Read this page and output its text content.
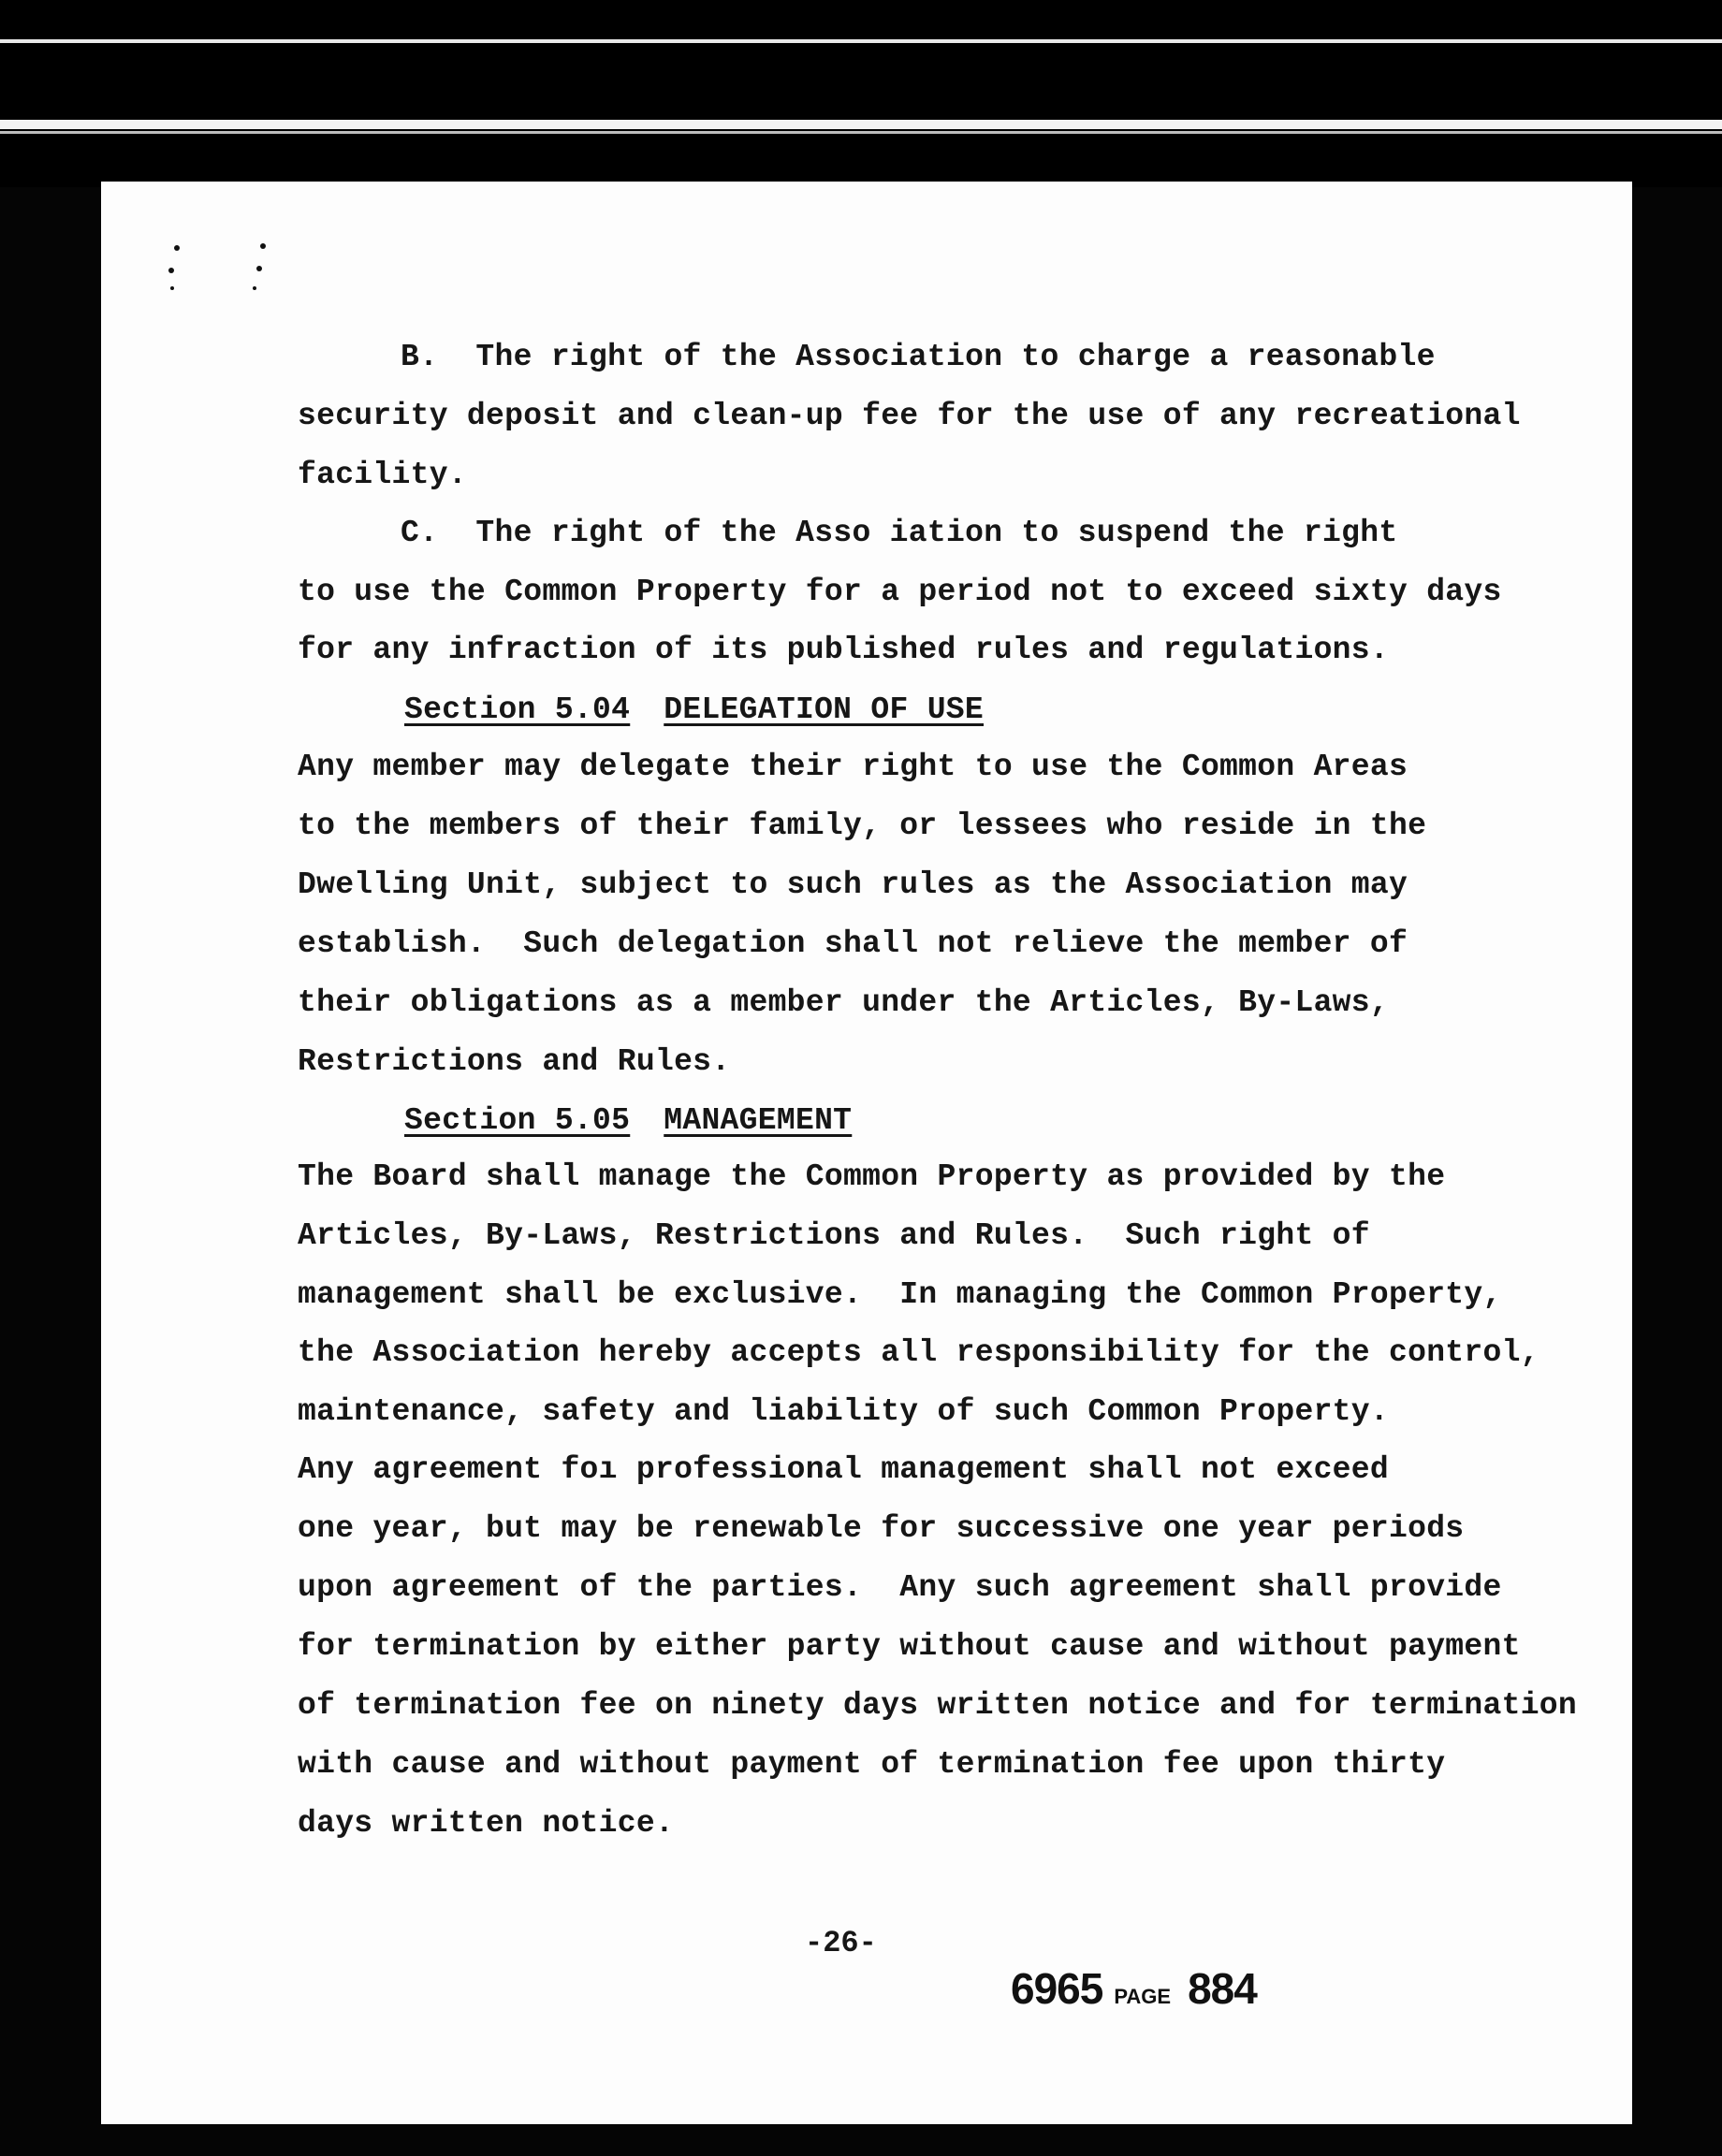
B.  The right of the Association to charge a reasonable

security deposit and clean-up fee for the use of any recreational

facility.

C.  The right of the Asso iation to suspend the right

to use the Common Property for a period not to exceed sixty days

for any infraction of its published rules and regulations.

Section 5.04 DELEGATION OF USE

Any member may delegate their right to use the Common Areas

to the members of their family, or lessees who reside in the

Dwelling Unit, subject to such rules as the Association may

establish.  Such delegation shall not relieve the member of

their obligations as a member under the Articles, By-Laws,

Restrictions and Rules.

Section 5.05 MANAGEMENT

The Board shall manage the Common Property as provided by the

Articles, By-Laws, Restrictions and Rules.  Such right of

management shall be exclusive.  In managing the Common Property,

the Association hereby accepts all responsibility for the control,

maintenance, safety and liability of such Common Property.

Any agreement foı professional management shall not exceed

one year, but may be renewable for successive one year periods

upon agreement of the parties.  Any such agreement shall provide

for termination by either party without cause and without payment

of termination fee on ninety days written notice and for termination

with cause and without payment of termination fee upon thirty

days written notice.

-26-
6965 PAGE 884
